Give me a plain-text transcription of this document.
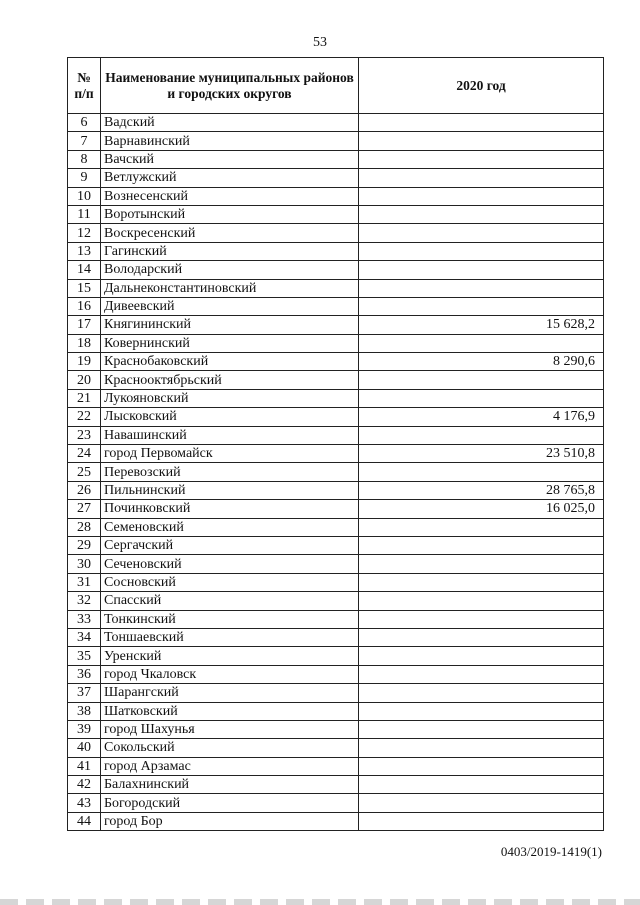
53
№ п/п	Наименование муниципальных районов и городских округов	2020 год
6	Вадский	
7	Варнавинский	
8	Вачский	
9	Ветлужский	
10	Вознесенский	
11	Воротынский	
12	Воскресенский	
13	Гагинский	
14	Володарский	
15	Дальнеконстантиновский	
16	Дивеевский	
17	Княгининский	15 628,2
18	Ковернинский	
19	Краснобаковский	8 290,6
20	Краснооктябрьский	
21	Лукояновский	
22	Лысковский	4 176,9
23	Навашинский	
24	город Первомайск	23 510,8
25	Перевозский	
26	Пильнинский	28 765,8
27	Починковский	16 025,0
28	Семеновский	
29	Сергачский	
30	Сеченовский	
31	Сосновский	
32	Спасский	
33	Тонкинский	
34	Тоншаевский	
35	Уренский	
36	город Чкаловск	
37	Шарангский	
38	Шатковский	
39	город Шахунья	
40	Сокольский	
41	город Арзамас	
42	Балахнинский	
43	Богородский	
44	город Бор	
0403/2019-1419(1)
